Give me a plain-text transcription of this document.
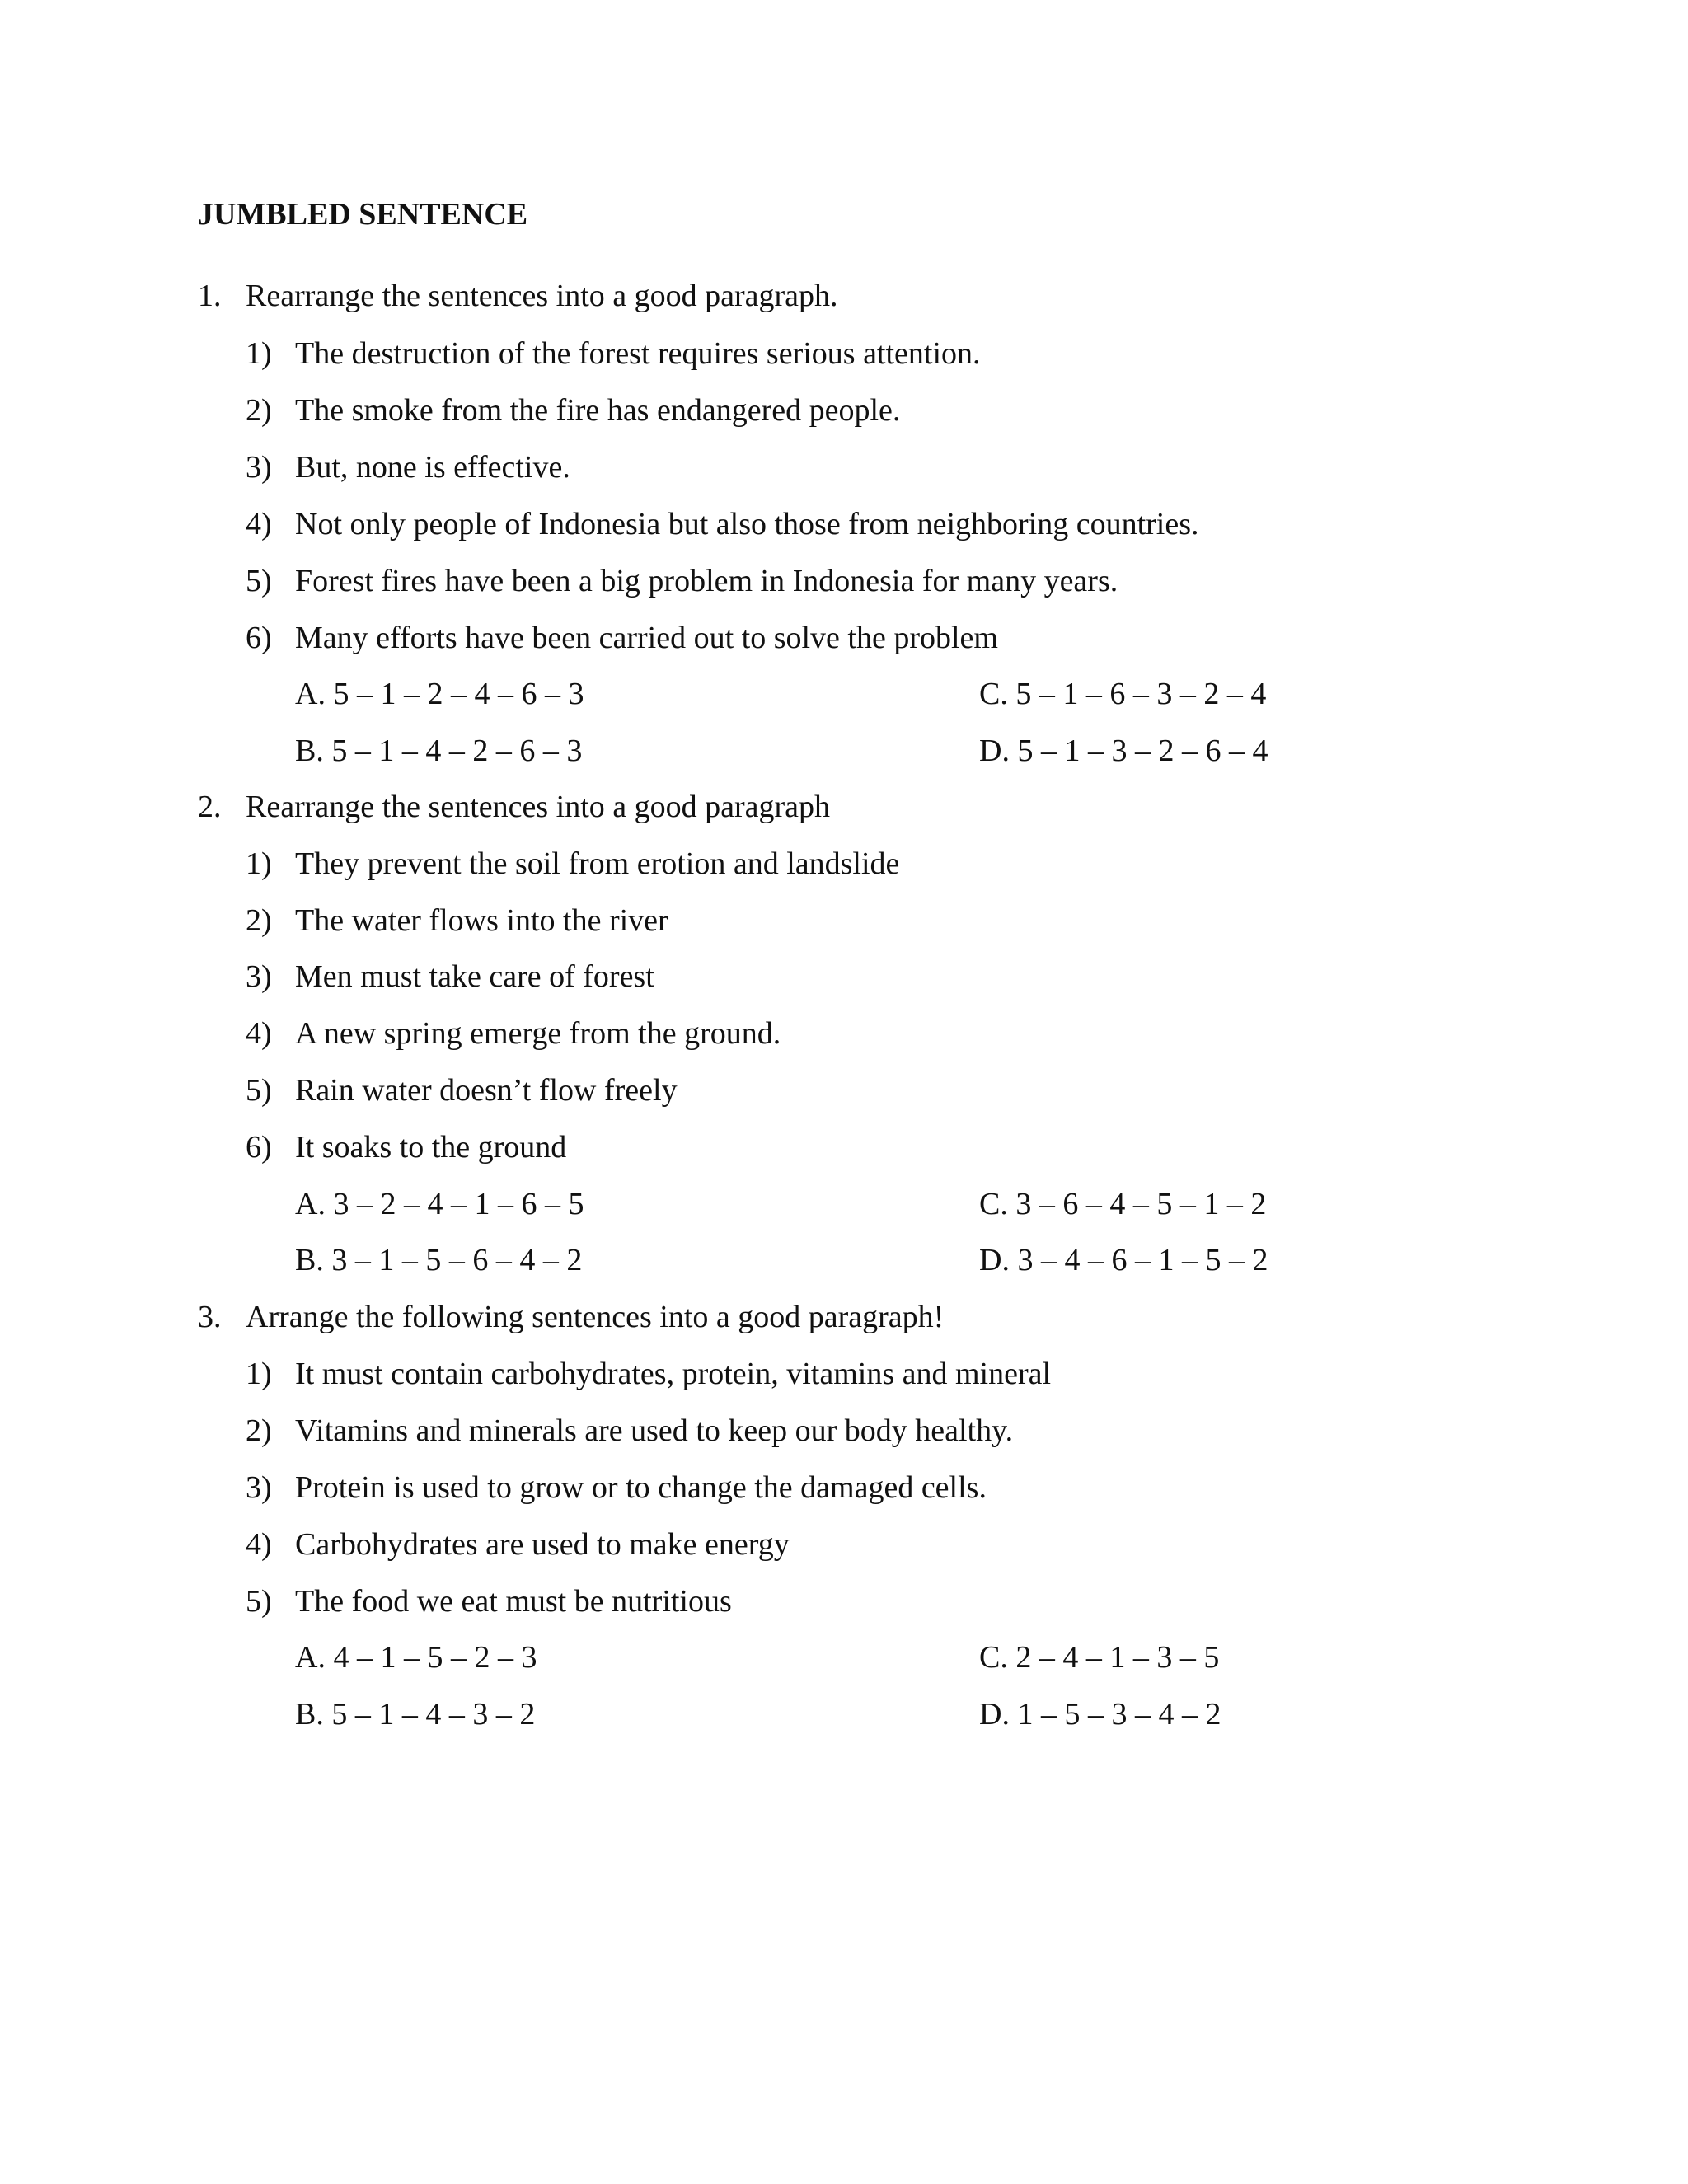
JUMBLED SENTENCE
1. Rearrange the sentences into a good paragraph.
1) The destruction of the forest requires serious attention.
2) The smoke from the fire has endangered people.
3) But, none is effective.
4) Not only people of Indonesia but also those from neighboring countries.
5) Forest fires have been a big problem in Indonesia for many years.
6) Many efforts have been carried out to solve the problem
A. 5 – 1 – 2 – 4 – 6 – 3	C. 5 – 1 – 6 – 3 – 2 – 4
B. 5 – 1 – 4 – 2 – 6 – 3	D. 5 – 1 – 3 – 2 – 6 – 4
2. Rearrange the sentences into a good paragraph
1) They prevent the soil from erotion and landslide
2) The water flows into the river
3) Men must take care of forest
4) A new spring emerge from the ground.
5) Rain water doesn’t flow freely
6) It soaks to the ground
A. 3 – 2 – 4 – 1 – 6 – 5	C. 3 – 6 – 4 – 5 – 1 – 2
B. 3 – 1 – 5 – 6 – 4 – 2	D. 3 – 4 – 6 – 1 – 5 – 2
3. Arrange the following sentences into a good paragraph!
1) It must contain carbohydrates, protein, vitamins and mineral
2) Vitamins and minerals are used to keep our body healthy.
3) Protein is used to grow or to change the damaged cells.
4) Carbohydrates are used to make energy
5) The food we eat must be nutritious
A. 4 – 1 – 5 – 2 – 3	C. 2 – 4 – 1 – 3 – 5
B. 5 – 1 – 4 – 3 – 2	D. 1 – 5 – 3 – 4 – 2
